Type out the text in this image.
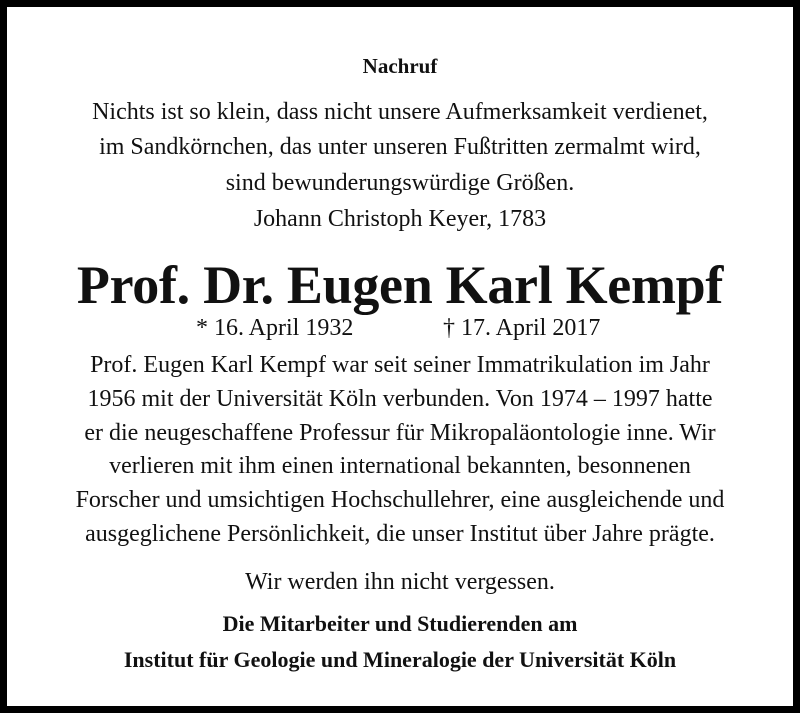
Nachruf
Nichts ist so klein, dass nicht unsere Aufmerksamkeit verdienet,
im Sandkörnchen, das unter unseren Fußtritten zermalmt wird,
sind bewunderungswürdige Größen.
Johann Christoph Keyer, 1783
Prof. Dr. Eugen Karl Kempf
* 16. April 1932	† 17. April 2017
Prof. Eugen Karl Kempf war seit seiner Immatrikulation im Jahr
1956 mit der Universität Köln verbunden. Von 1974 – 1997 hatte
er die neugeschaffene Professur für Mikropaläontologie inne. Wir
verlieren mit ihm einen international bekannten, besonnenen
Forscher und umsichtigen Hochschullehrer, eine ausgleichende und
ausgeglichene Persönlichkeit, die unser Institut über Jahre prägte.
Wir werden ihn nicht vergessen.
Die Mitarbeiter und Studierenden am
Institut für Geologie und Mineralogie der Universität Köln
